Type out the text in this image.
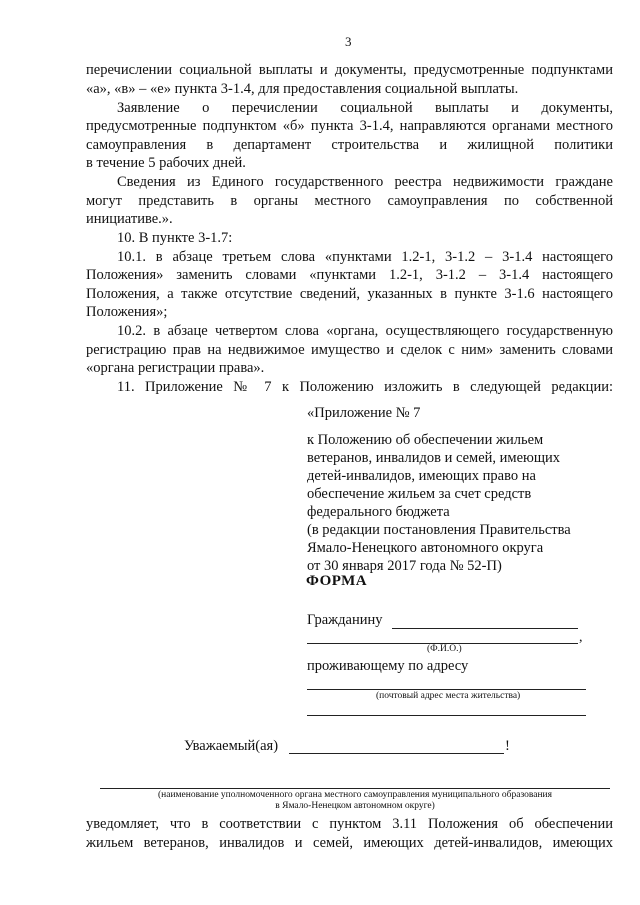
3
перечислении социальной выплаты и документы, предусмотренные подпунктами
«а», «в» – «е» пункта 3-1.4, для предоставления социальной выплаты.
Заявление о перечислении социальной выплаты и документы,
предусмотренные подпунктом «б» пункта 3-1.4, направляются органами местного
самоуправления в департамент строительства и жилищной политики
в течение 5 рабочих дней.
Сведения из Единого государственного реестра недвижимости граждане
могут представить в органы местного самоуправления по собственной
инициативе.».
10. В пункте 3-1.7:
10.1. в абзаце третьем слова «пунктами 1.2-1, 3-1.2 – 3-1.4 настоящего
Положения» заменить словами «пунктами 1.2-1, 3-1.2 – 3-1.4 настоящего
Положения, а также отсутствие сведений, указанных в пункте 3-1.6 настоящего
Положения»;
10.2. в абзаце четвертом слова «органа, осуществляющего государственную
регистрацию прав на недвижимое имущество и сделок с ним» заменить словами
«органа регистрации права».
11. Приложение № 7 к Положению изложить в следующей редакции:
«Приложение № 7
к Положению об обеспечении жильем
ветеранов, инвалидов и семей, имеющих
детей-инвалидов, имеющих право на
обеспечение жильем за счет средств
федерального бюджета
(в редакции постановления Правительства
Ямало-Ненецкого автономного округа
от 30 января 2017 года № 52-П)
ФОРМА
Гражданину
,
(Ф.И.О.)
проживающему по адресу
(почтовый адрес места жительства)
Уважаемый(ая)	!
(наименование уполномоченного органа местного самоуправления муниципального образования
в Ямало-Ненецком автономном округе)
уведомляет, что в соответствии с пунктом 3.11 Положения об обеспечении
жильем ветеранов, инвалидов и семей, имеющих детей-инвалидов, имеющих
